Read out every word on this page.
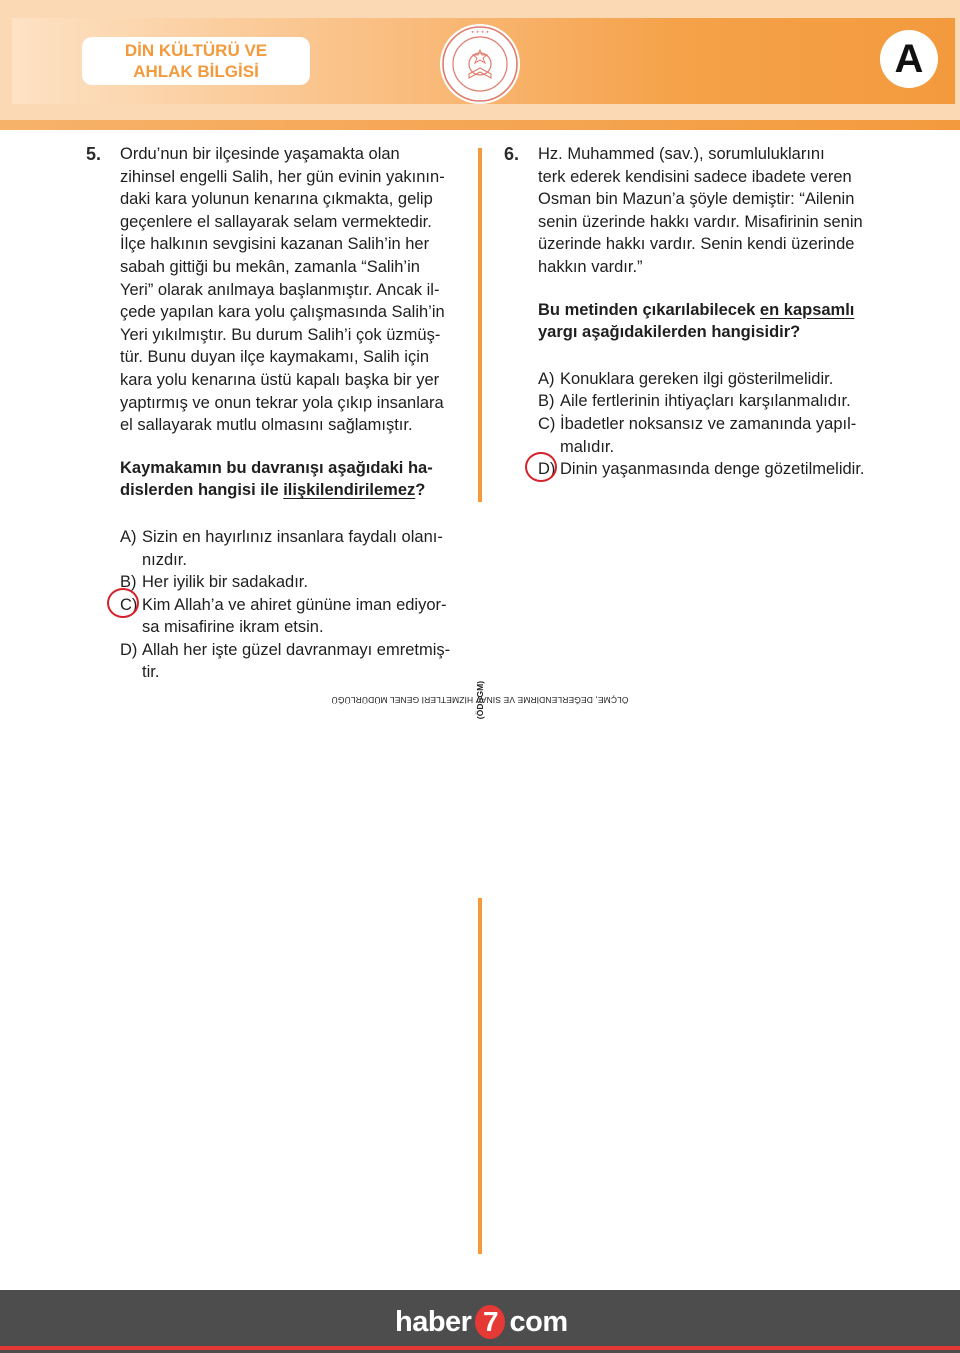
DİN KÜLTÜRÜ VE
AHLAK BİLGİSİ
✦ ✦ ✦ ✦
A
5. Ordu’nun bir ilçesinde yaşamakta olan

zihinsel engelli Salih, her gün evinin yakının-

daki kara yolunun kenarına çıkmakta, gelip

geçenlere el sallayarak selam vermektedir.

İlçe halkının sevgisini kazanan Salih’in her

sabah gittiği bu mekân, zamanla “Salih’in

Yeri” olarak anılmaya başlanmıştır. Ancak il-

çede yapılan kara yolu çalışmasında Salih’in

Yeri yıkılmıştır. Bu durum Salih’i çok üzmüş-

tür. Bunu duyan ilçe kaymakamı, Salih için

kara yolu kenarına üstü kapalı başka bir yer

yaptırmış ve onun tekrar yola çıkıp insanlara

el sallayarak mutlu olmasını sağlamıştır.

Kaymakamın bu davranışı aşağıdaki ha-

dislerden hangisi ile ilişkilendirilemez?

A) Sizin en hayırlınız insanlara faydalı olanı-
nızdır.
B) Her iyilik bir sadakadır.
C) Kim Allah’a ve ahiret gününe iman ediyor-
sa misafirine ikram etsin.
D) Allah her işte güzel davranmayı emretmiş-
tir.
ÖLÇME, DEĞERLENDİRME VE SINAV HİZMETLERİ GENEL MÜDÜRLÜĞÜ
(ÖDSGM)
6. Hz. Muhammed (sav.), sorumluluklarını

terk ederek kendisini sadece ibadete veren

Osman bin Mazun’a şöyle demiştir: “Ailenin

senin üzerinde hakkı vardır. Misafirinin senin

üzerinde hakkı vardır. Senin kendi üzerinde

hakkın vardır.”

Bu metinden çıkarılabilecek en kapsamlı

yargı aşağıdakilerden hangisidir?

A) Konuklara gereken ilgi gösterilmelidir.
B) Aile fertlerinin ihtiyaçları karşılanmalıdır.
C) İbadetler noksansız ve zamanında yapıl-
malıdır.
D) Dinin yaşanmasında denge gözetilmelidir.
haber 7 com
